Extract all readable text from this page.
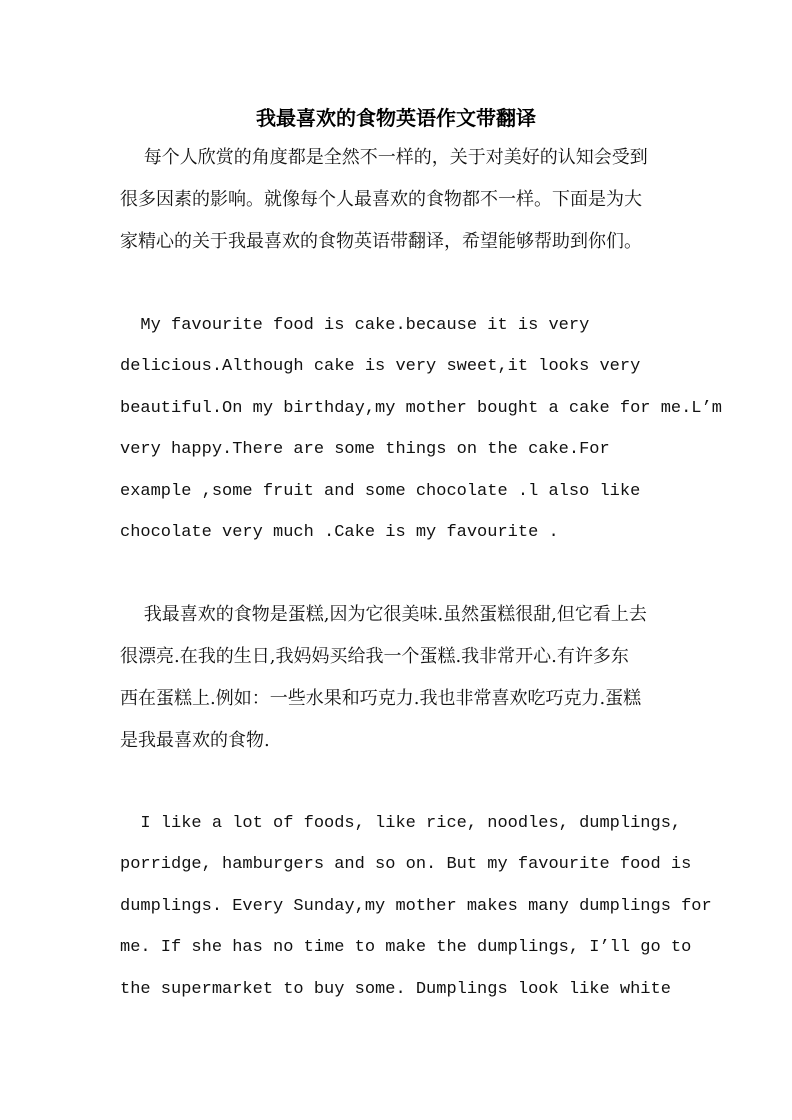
我最喜欢的食物英语作文带翻译
　 每个人欣赏的角度都是全然不一样的，关于对美好的认知会受到
很多因素的影响。就像每个人最喜欢的食物都不一样。下面是为大
家精心的关于我最喜欢的食物英语带翻译，希望能够帮助到你们。
My favourite food is cake.because it is very
delicious.Although cake is very sweet,it looks very
beautiful.On my birthday,my mother bought a cake for me.L’m
very happy.There are some things on the cake.For
example ,some fruit and some chocolate .l also like
chocolate very much .Cake is my favourite .
　 我最喜欢的食物是蛋糕,因为它很美味.虽然蛋糕很甜,但它看上去
很漂亮.在我的生日,我妈妈买给我一个蛋糕.我非常开心.有许多东
西在蛋糕上.例如：一些水果和巧克力.我也非常喜欢吃巧克力.蛋糕
是我最喜欢的食物.
I like a lot of foods, like rice, noodles, dumplings,
porridge, hamburgers and so on. But my favourite food is
dumplings. Every Sunday,my mother makes many dumplings for
me. If she has no time to make the dumplings, I’ll go to
the supermarket to buy some. Dumplings look like white
